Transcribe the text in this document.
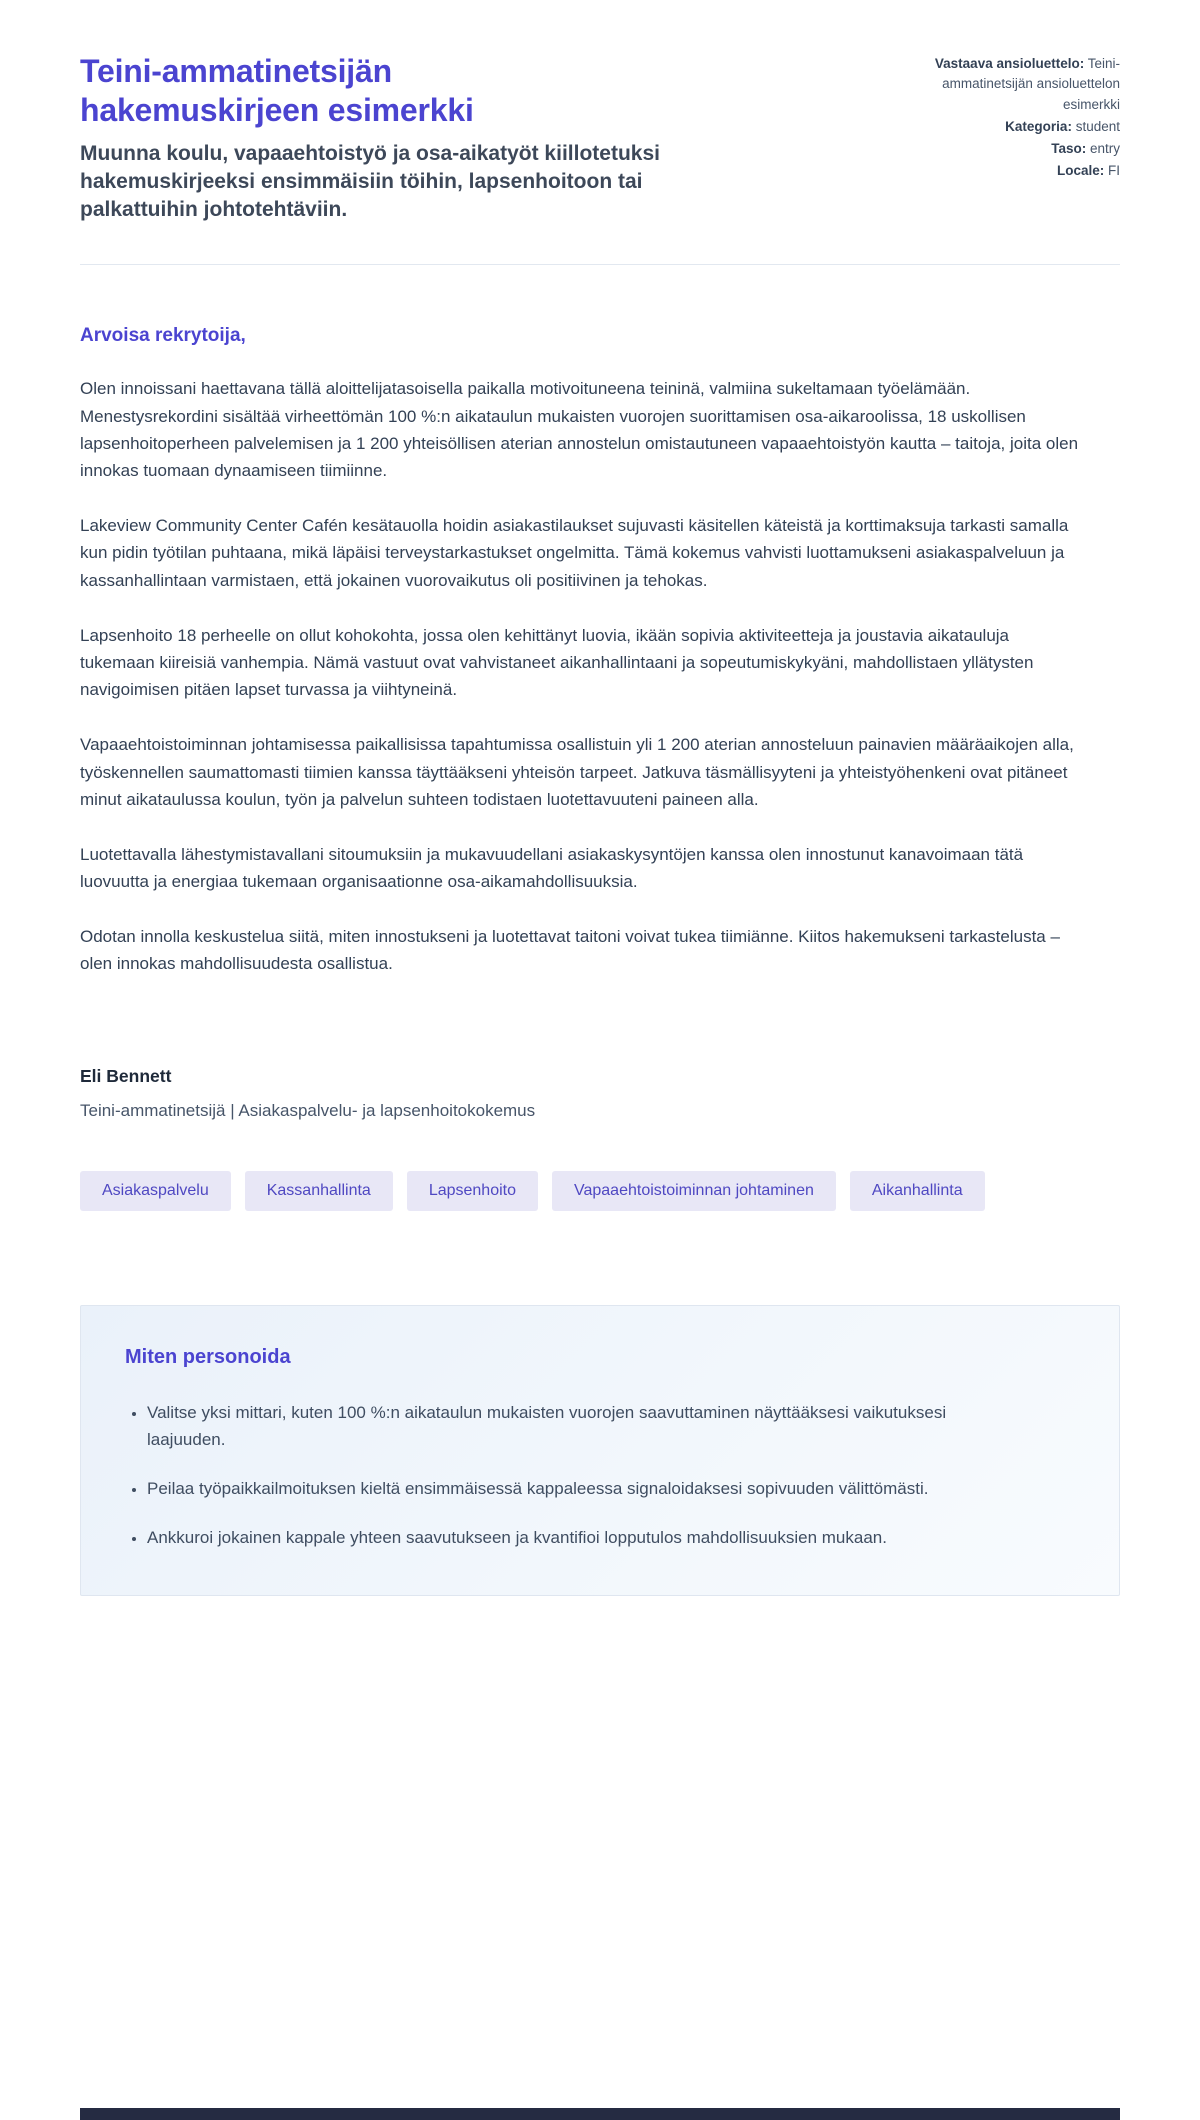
Teini-ammatinetsijän hakemuskirjeen esimerkki

Muunna koulu, vapaaehtoistyö ja osa-aikatyöt kiillotetuksi hakemuskirjeeksi ensimmäisiin töihin, lapsenhoitoon tai palkattuihin johtotehtäviin.

Vastaava ansioluettelo: Teini-ammatinetsijän ansioluettelon esimerkki
Kategoria: student
Taso: entry
Locale: FI

Arvoisa rekrytoija,

Olen innoissani haettavana tällä aloittelijatasoisella paikalla motivoituneena teininä, valmiina sukeltamaan työelämään. Menestysrekordini sisältää virheettömän 100 %:n aikataulun mukaisten vuorojen suorittamisen osa-aikaroolissa, 18 uskollisen lapsenhoitoperheen palvelemisen ja 1 200 yhteisöllisen aterian annostelun omistautuneen vapaaehtoistyön kautta – taitoja, joita olen innokas tuomaan dynaamiseen tiimiinne.

Lakeview Community Center Cafén kesätauolla hoidin asiakastilaukset sujuvasti käsitellen käteistä ja korttimaksuja tarkasti samalla kun pidin työtilan puhtaana, mikä läpäisi terveystarkastukset ongelmitta. Tämä kokemus vahvisti luottamukseni asiakaspalveluun ja kassanhallintaan varmistaen, että jokainen vuorovaikutus oli positiivinen ja tehokas.

Lapsenhoito 18 perheelle on ollut kohokohta, jossa olen kehittänyt luovia, ikään sopivia aktiviteetteja ja joustavia aikatauluja tukemaan kiireisiä vanhempia. Nämä vastuut ovat vahvistaneet aikanhallintaani ja sopeutumiskykyäni, mahdollistaen yllätysten navigoimisen pitäen lapset turvassa ja viihtyneinä.

Vapaaehtoistoiminnan johtamisessa paikallisissa tapahtumissa osallistuin yli 1 200 aterian annosteluun painavien määräaikojen alla, työskennellen saumattomasti tiimien kanssa täyttääkseni yhteisön tarpeet. Jatkuva täsmällisyyteni ja yhteistyöhenkeni ovat pitäneet minut aikataulussa koulun, työn ja palvelun suhteen todistaen luotettavuuteni paineen alla.

Luotettavalla lähestymistavallani sitoumuksiin ja mukavuudellani asiakaskysyntöjen kanssa olen innostunut kanavoimaan tätä luovuutta ja energiaa tukemaan organisaationne osa-aikamahdollisuuksia.

Odotan innolla keskustelua siitä, miten innostukseni ja luotettavat taitoni voivat tukea tiimiänne. Kiitos hakemukseni tarkastelusta – olen innokas mahdollisuudesta osallistua.

Eli Bennett

Teini-ammatinetsijä | Asiakaspalvelu- ja lapsenhoitokokemus

Asiakaspalvelu	Kassanhallinta	Lapsenhoito	Vapaaehtoistoiminnan johtaminen	Aikanhallinta
Miten personoida
• Valitse yksi mittari, kuten 100 %:n aikataulun mukaisten vuorojen saavuttaminen näyttääksesi vaikutuksesi laajuuden.
• Peilaa työpaikkailmoituksen kieltä ensimmäisessä kappaleessa signaloidaksesi sopivuuden välittömästi.
• Ankkuroi jokainen kappale yhteen saavutukseen ja kvantifioi lopputulos mahdollisuuksien mukaan.
